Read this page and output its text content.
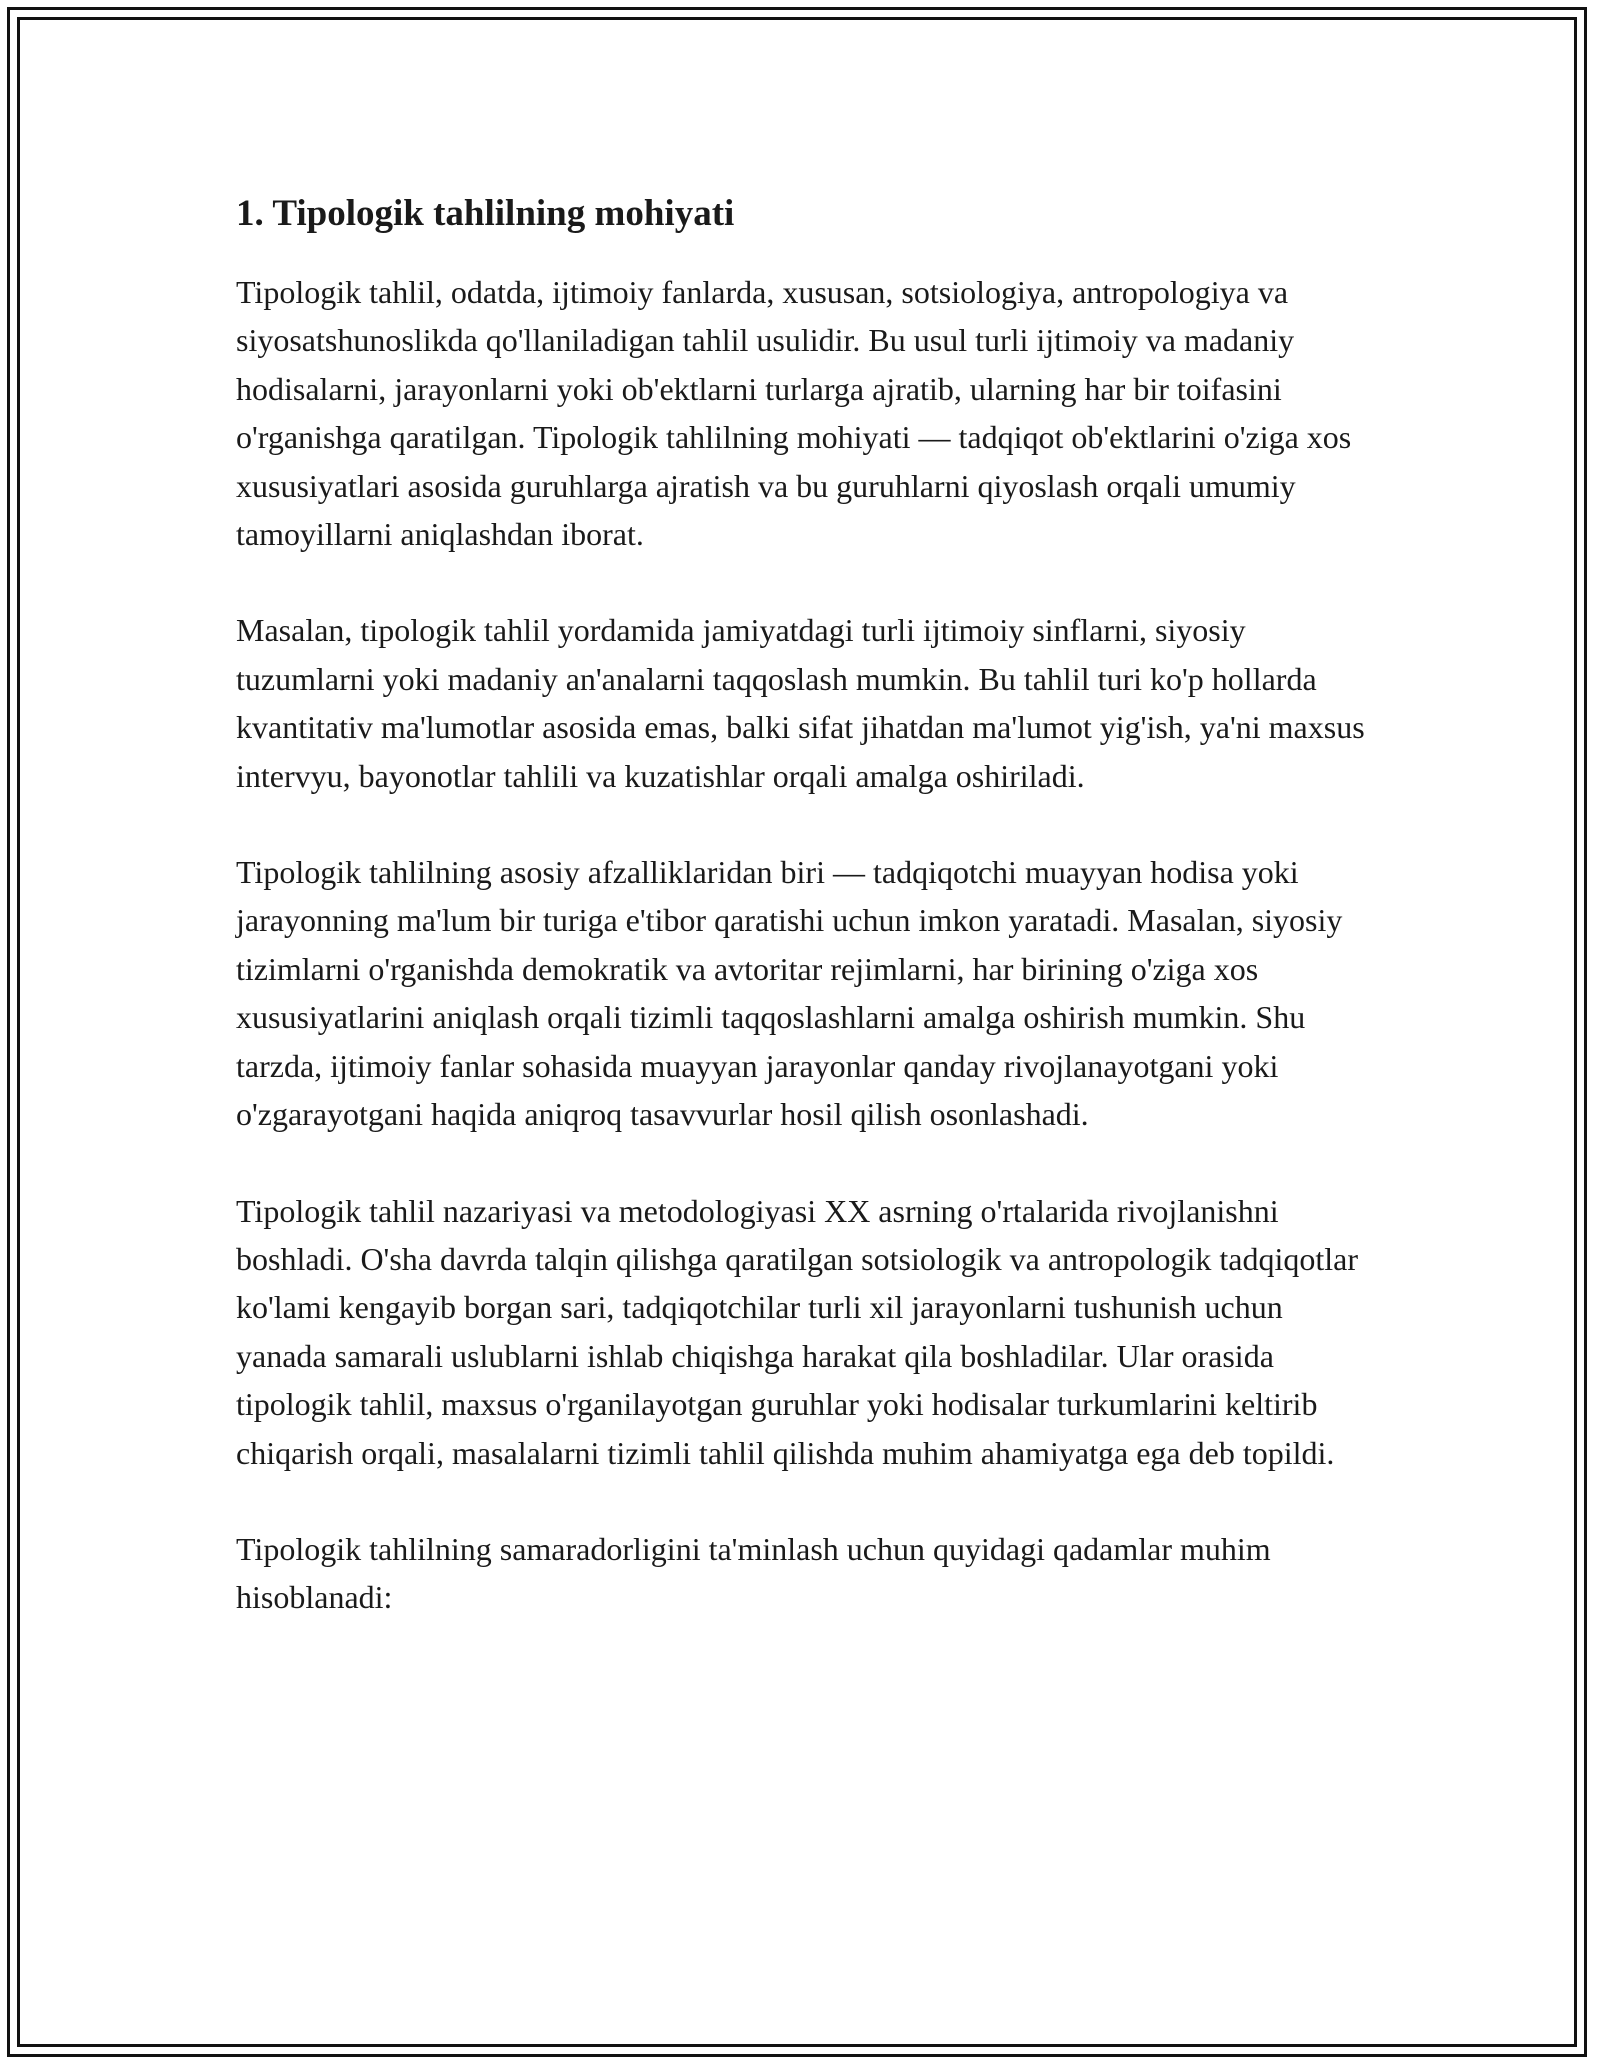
1. Tipologik tahlilning mohiyati

Tipologik tahlil, odatda, ijtimoiy fanlarda, xususan, sotsiologiya, antropologiya va siyosatshunoslikda qo'llaniladigan tahlil usulidir. Bu usul turli ijtimoiy va madaniy hodisalarni, jarayonlarni yoki ob'ektlarni turlarga ajratib, ularning har bir toifasini o'rganishga qaratilgan. Tipologik tahlilning mohiyati — tadqiqot ob'ektlarini o'ziga xos xususiyatlari asosida guruhlarga ajratish va bu guruhlarni qiyoslash orqali umumiy tamoyillarni aniqlashdan iborat.

Masalan, tipologik tahlil yordamida jamiyatdagi turli ijtimoiy sinflarni, siyosiy tuzumlarni yoki madaniy an'analarni taqqoslash mumkin. Bu tahlil turi ko'p hollarda kvantitativ ma'lumotlar asosida emas, balki sifat jihatdan ma'lumot yig'ish, ya'ni maxsus intervyu, bayonotlar tahlili va kuzatishlar orqali amalga oshiriladi.

Tipologik tahlilning asosiy afzalliklaridan biri — tadqiqotchi muayyan hodisa yoki jarayonning ma'lum bir turiga e'tibor qaratishi uchun imkon yaratadi. Masalan, siyosiy tizimlarni o'rganishda demokratik va avtoritar rejimlarni, har birining o'ziga xos xususiyatlarini aniqlash orqali tizimli taqqoslashlarni amalga oshirish mumkin. Shu tarzda, ijtimoiy fanlar sohasida muayyan jarayonlar qanday rivojlanayotgani yoki o'zgarayotgani haqida aniqroq tasavvurlar hosil qilish osonlashadi.

Tipologik tahlil nazariyasi va metodologiyasi XX asrning o'rtalarida rivojlanishni boshladi. O'sha davrda talqin qilishga qaratilgan sotsiologik va antropologik tadqiqotlar ko'lami kengayib borgan sari, tadqiqotchilar turli xil jarayonlarni tushunish uchun yanada samarali uslublarni ishlab chiqishga harakat qila boshladilar. Ular orasida tipologik tahlil, maxsus o'rganilayotgan guruhlar yoki hodisalar turkumlarini keltirib chiqarish orqali, masalalarni tizimli tahlil qilishda muhim ahamiyatga ega deb topildi.

Tipologik tahlilning samaradorligini ta'minlash uchun quyidagi qadamlar muhim hisoblanadi:
